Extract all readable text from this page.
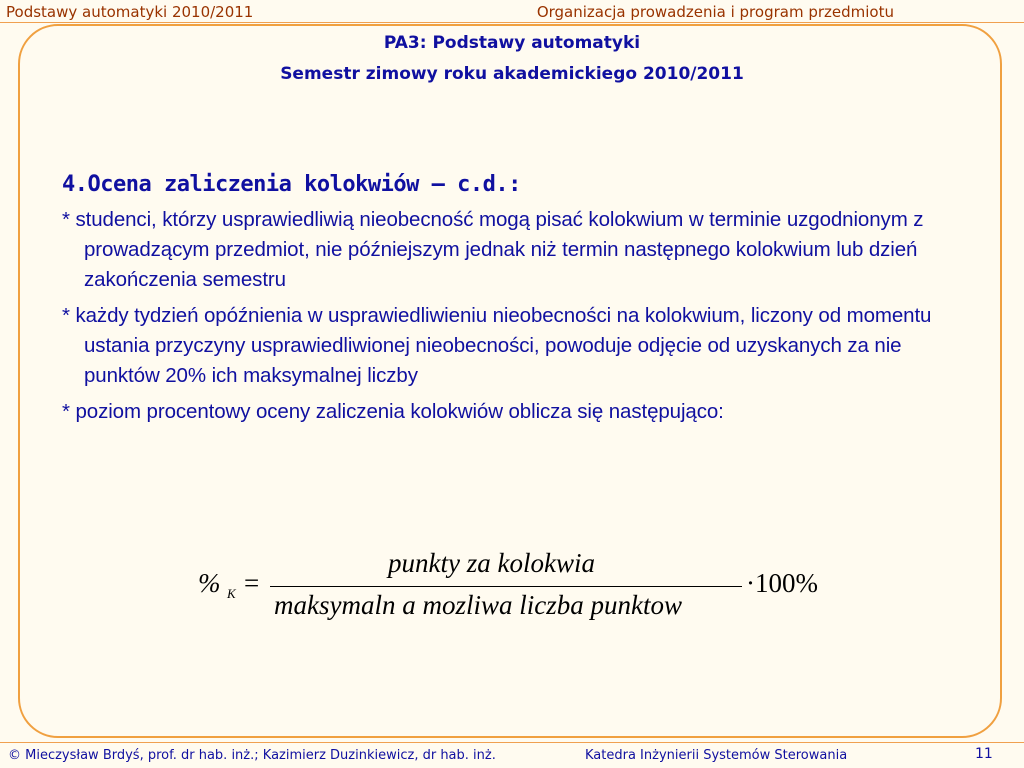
Podstawy automatyki 2010/2011	Organizacja prowadzenia i program przedmiotu
PA3: Podstawy automatyki
Semestr zimowy roku akademickiego 2010/2011
4.Ocena zaliczenia kolokwiów – c.d.:
* studenci, którzy usprawiedliwią nieobecność mogą pisać kolokwium w terminie uzgodnionym z prowadzącym przedmiot, nie późniejszym jednak niż termin następnego kolokwium lub dzień zakończenia semestru
* każdy tydzień opóźnienia w usprawiedliwieniu nieobecności na kolokwium, liczony od momentu ustania przyczyny usprawiedliwionej nieobecności, powoduje odjęcie od uzyskanych za nie punktów 20% ich maksymalnej liczby
* poziom procentowy oceny zaliczenia kolokwiów oblicza się następująco:
% K =
punkty za kolokwia
maksymaln a mozliwa liczba punktow
·100%
© Mieczysław Brdyś, prof. dr hab. inż.; Kazimierz Duzinkiewicz, dr hab. inż.	Katedra Inżynierii Systemów Sterowania	11
